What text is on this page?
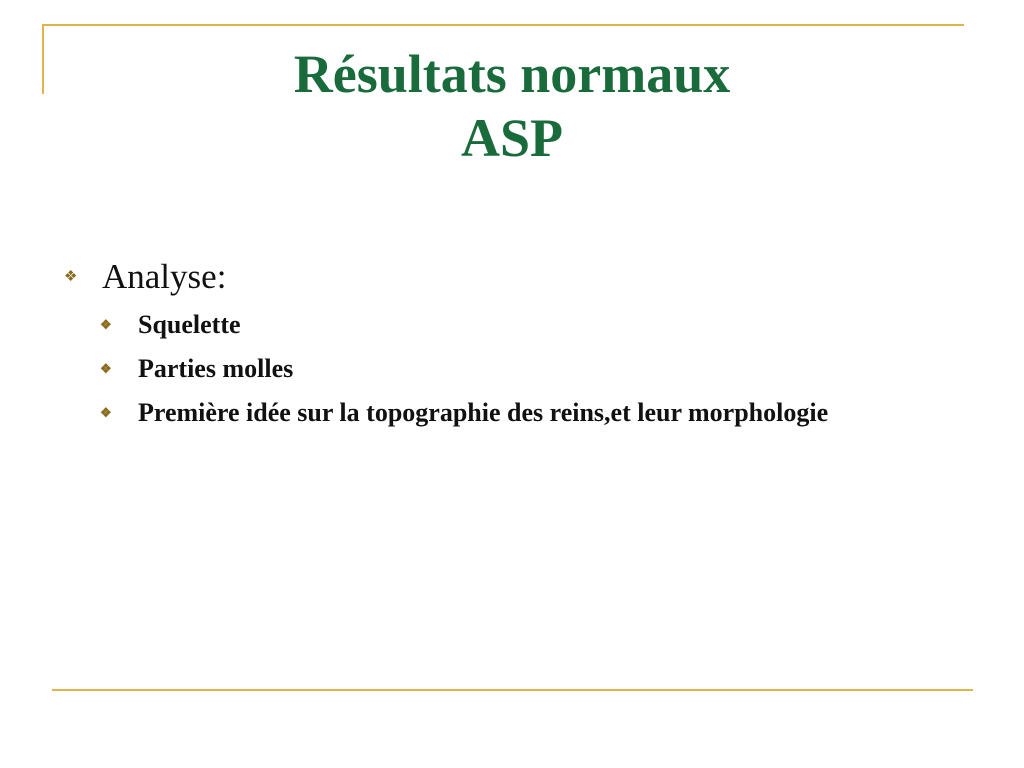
Résultats normaux
ASP
❖ Analyse:
❖	Squelette
❖	Parties molles
❖	Première idée sur la topographie des reins,et leur morphologie
